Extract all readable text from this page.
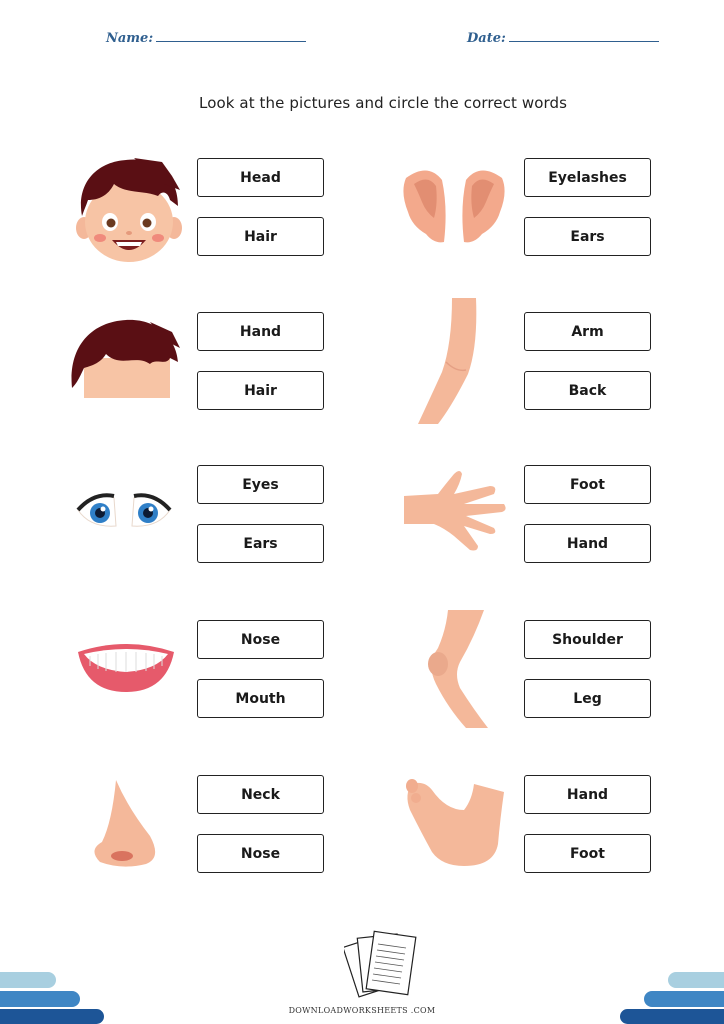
Name:	Date:
Look at the pictures and circle the correct words
Head
Hair
Eyelashes
Ears
Hand
Hair
Arm
Back
Eyes
Ears
Foot
Hand
Nose
Mouth
Shoulder
Leg
Neck
Nose
Hand
Foot
DOWNLOADWORKSHEETS .COM
